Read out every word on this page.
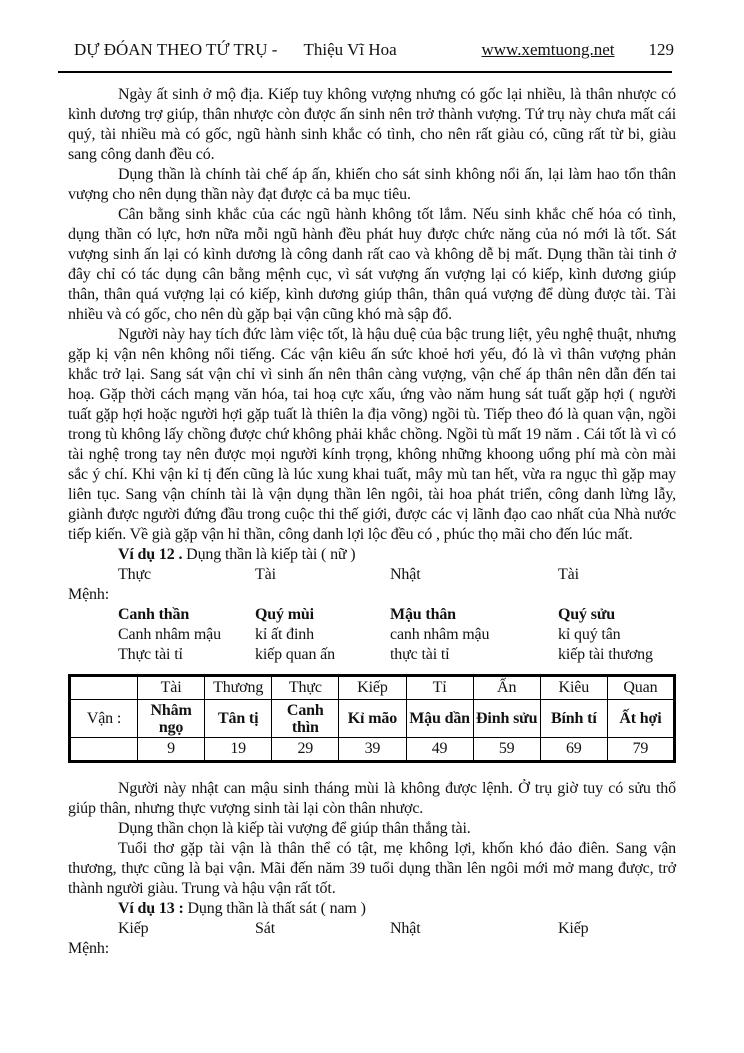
DỰ ĐÓAN THEO TỨ TRỤ - Thiệu Vĩ Hoa	www.xemtuong.net 129

Ngày ất sinh ở mộ địa. Kiếp tuy không vượng nhưng có gốc lại nhiều, là thân nhược có kình dương trợ giúp, thân nhược còn được ấn sinh nên trở thành vượng. Tứ trụ này chưa mất cái quý, tài nhiều mà có gốc, ngũ hành sinh khắc có tình, cho nên rất giàu có, cũng rất từ bi, giàu sang công danh đều có.

Dụng thần là chính tài chế áp ấn, khiến cho sát sinh không nổi ấn, lại làm hao tổn thân vượng cho nên dụng thần này đạt được cả ba mục tiêu.

Cân bằng sinh khắc của các ngũ hành không tốt lắm. Nếu sinh khắc chế hóa có tình, dụng thần có lực, hơn nữa mỗi ngũ hành đều phát huy được chức năng của nó mới là tốt. Sát vượng sinh ấn lại có kình dương là công danh rất cao và không dễ bị mất. Dụng thần tài tinh ở đây chỉ có tác dụng cân bằng mệnh cục, vì sát vượng ấn vượng lại có kiếp, kình dương giúp thân, thân quá vượng lại có kiếp, kình dương giúp thân, thân quá vượng để dùng được tài. Tài nhiều và có gốc, cho nên dù gặp bại vận cũng khó mà sập đổ.

Người này hay tích đức làm việc tốt, là hậu duệ của bậc trung liệt, yêu nghệ thuật, nhưng gặp kị vận nên không nổi tiếng. Các vận kiêu ấn sức khoẻ hơi yếu, đó là vì thân vượng phản khắc trở lại. Sang sát vận chỉ vì sinh ấn nên thân càng vượng, vận chế áp thân nên dẫn đến tai hoạ. Gặp thời cách mạng văn hóa, tai hoạ cực xấu, ứng vào năm hung sát tuất gặp hợi ( người tuất gặp hợi hoặc người hợi gặp tuất là thiên la địa võng) ngồi tù. Tiếp theo đó là quan vận, ngồi trong tù không lấy chồng được chứ không phải khắc chồng. Ngồi tù mất 19 năm . Cái tốt là vì có tài nghệ trong tay nên được mọi người kính trọng, không những khoong uổng phí mà còn mài sắc ý chí. Khi vận kỉ tị đến cũng là lúc xung khai tuất, mây mù tan hết, vừa ra ngục thì gặp may liên tục. Sang vận chính tài là vận dụng thần lên ngôi, tài hoa phát triển, công danh lừng lẫy, giành được người đứng đầu trong cuộc thi thế giới, được các vị lãnh đạo cao nhất của Nhà nước tiếp kiến. Về già gặp vận hỉ thần, công danh lợi lộc đều có , phúc thọ mãi cho đến lúc mất.

Ví dụ 12 . Dụng thần là kiếp tài ( nữ )

Thực	Tài	Nhật	Tài
Mệnh:
Canh thần	Quý mùi	Mậu thân	Quý sửu
Canh nhâm mậu	kỉ ất đinh	canh nhâm mậu	kỉ quý tân
Thực tài tỉ	kiếp quan ấn	thực tài tỉ	kiếp tài thương
	Tài	Thương	Thực	Kiếp	Tỉ	Ấn	Kiêu	Quan
Vận :	Nhâm ngọ	Tân tị	Canh thìn	Kỉ mão	Mậu dần	Đinh sửu	Bính tí	Ất hợi
	9	19	29	39	49	59	69	79

Người này nhật can mậu sinh tháng mùi là không được lệnh. Ở trụ giờ tuy có sửu thổ giúp thân, nhưng thực vượng sinh tài lại còn thân nhược.

Dụng thần chọn là kiếp tài vượng để giúp thân thắng tài.

Tuổi thơ gặp tài vận là thân thể có tật, mẹ không lợi, khốn khó đảo điên. Sang vận thương, thực cũng là bại vận. Mãi đến năm 39 tuổi dụng thần lên ngôi mới mở mang được, trở thành người giàu. Trung và hậu vận rất tốt.

Ví dụ 13 : Dụng thần là thất sát ( nam )

Kiếp	Sát	Nhật	Kiếp
Mệnh:
